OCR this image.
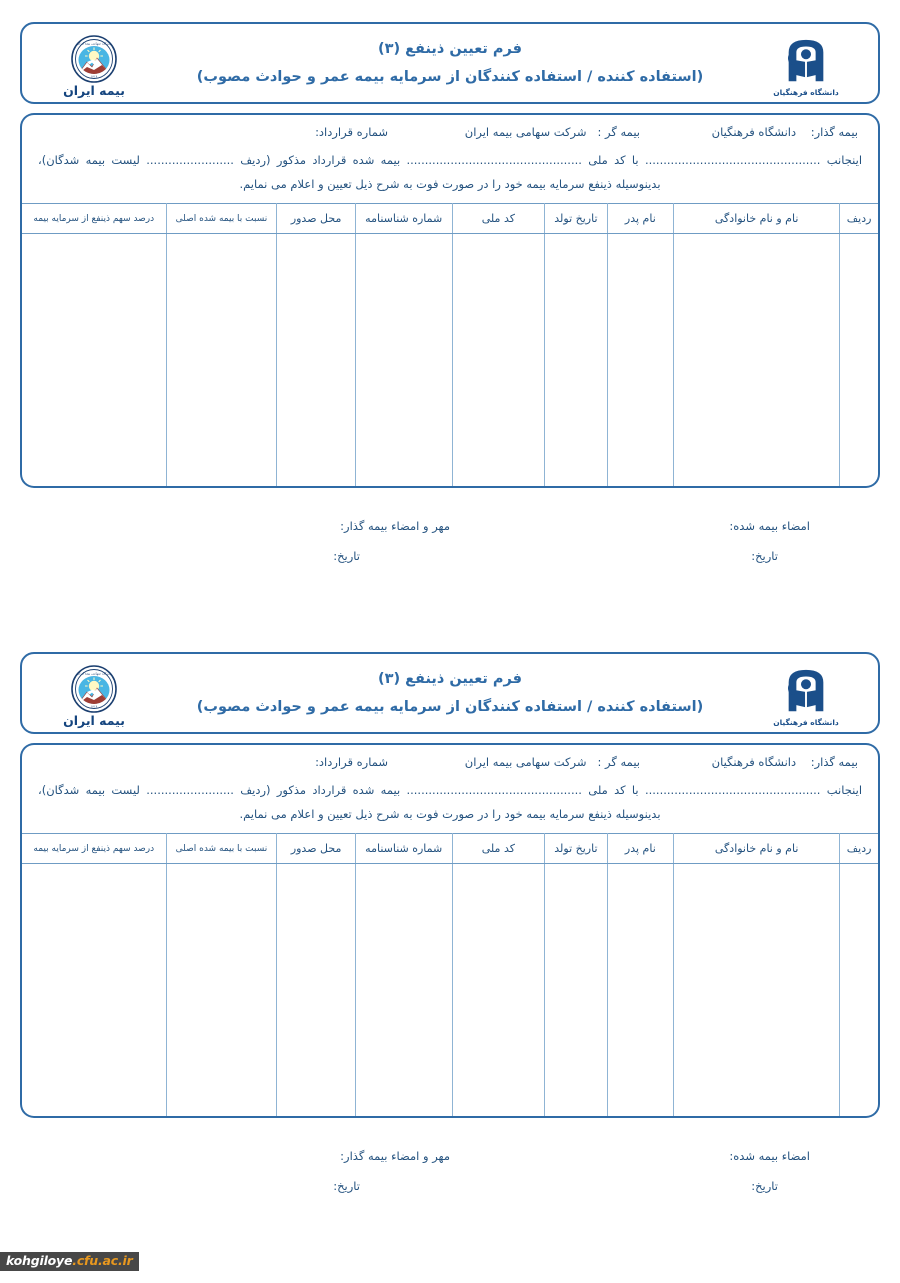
شرکت سهامی بیمه ایران
۱۳۱۴
بیمه ایران
فرم تعیین ذینفع (۳)
(استفاده کننده / استفاده کنندگان از سرمایه بیمه عمر و حوادث مصوب)
دانشگاه فرهنگیان
بیمه گذار:    دانشگاه فرهنگیان
بیمه گر :   شرکت سهامی بیمه ایران
شماره قرارداد:
اینجانب ................................................ با کد ملی ................................................ بیمه شده قرارداد مذکور (ردیف ........................ لیست بیمه شدگان)،
بدینوسیله ذینفع سرمایه بیمه خود را در صورت فوت به شرح ذیل تعیین و اعلام می نمایم.
ردیف	نام و نام خانوادگی	نام پدر	تاریخ تولد	کد ملی	شماره شناسنامه	محل صدور	نسبت با بیمه شده اصلی	درصد سهم ذینفع از سرمایه بیمه

امضاء بیمه شده:
تاریخ:
مهر و امضاء بیمه گذار:
تاریخ:
شرکت سهامی بیمه ایران
۱۳۱۴
بیمه ایران
فرم تعیین ذینفع (۳)
(استفاده کننده / استفاده کنندگان از سرمایه بیمه عمر و حوادث مصوب)
دانشگاه فرهنگیان
بیمه گذار:    دانشگاه فرهنگیان
بیمه گر :   شرکت سهامی بیمه ایران
شماره قرارداد:
اینجانب ................................................ با کد ملی ................................................ بیمه شده قرارداد مذکور (ردیف ........................ لیست بیمه شدگان)،
بدینوسیله ذینفع سرمایه بیمه خود را در صورت فوت به شرح ذیل تعیین و اعلام می نمایم.
ردیف	نام و نام خانوادگی	نام پدر	تاریخ تولد	کد ملی	شماره شناسنامه	محل صدور	نسبت با بیمه شده اصلی	درصد سهم ذینفع از سرمایه بیمه

امضاء بیمه شده:
تاریخ:
مهر و امضاء بیمه گذار:
تاریخ:
kohgiloye.cfu.ac.ir
